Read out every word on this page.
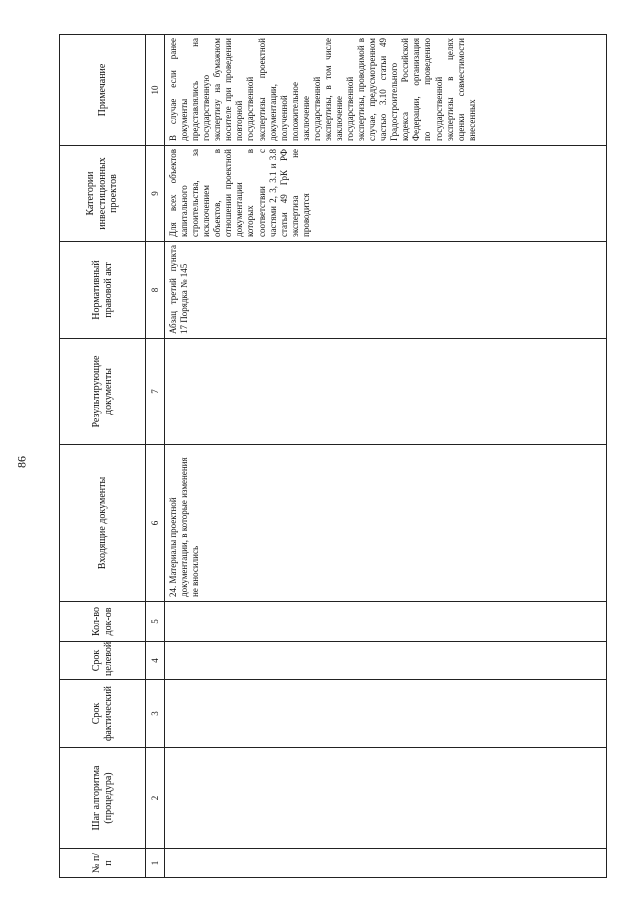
86
№ п/п	Шаг алгоритма (процедура)	Срок фактический	Срок целевой	Кол-во док-ов	Входящие документы	Результирующие документы	Нормативный правовой акт	Категории инвестиционных проектов	Примечание
1	2	3	4	5	6	7	8	9	10
					24. Материалы проектной документации, в которые изменения не вносились		Абзац третий пункта 17 Порядка № 145	Для всех объектов капитального строительства, за исключением объектов, в отношении проектной документации которых в соответствии с частями 2, 3, 3.1 и 3.8 статьи 49 ГрК РФ экспертиза не проводится	В случае если ранее документы представлялись на государственную экспертизу на бумажном носителе при проведении повторной государственной экспертизы проектной документации, полученной положительное заключение государственной экспертизы, в том числе заключение государственной экспертизы, проводимой в случае, предусмотренном частью 3.10 статьи 49 Градостроительного кодекса Российской Федерации, организация по проведению государственной экспертизы в целях оценки совместимости внесенных
